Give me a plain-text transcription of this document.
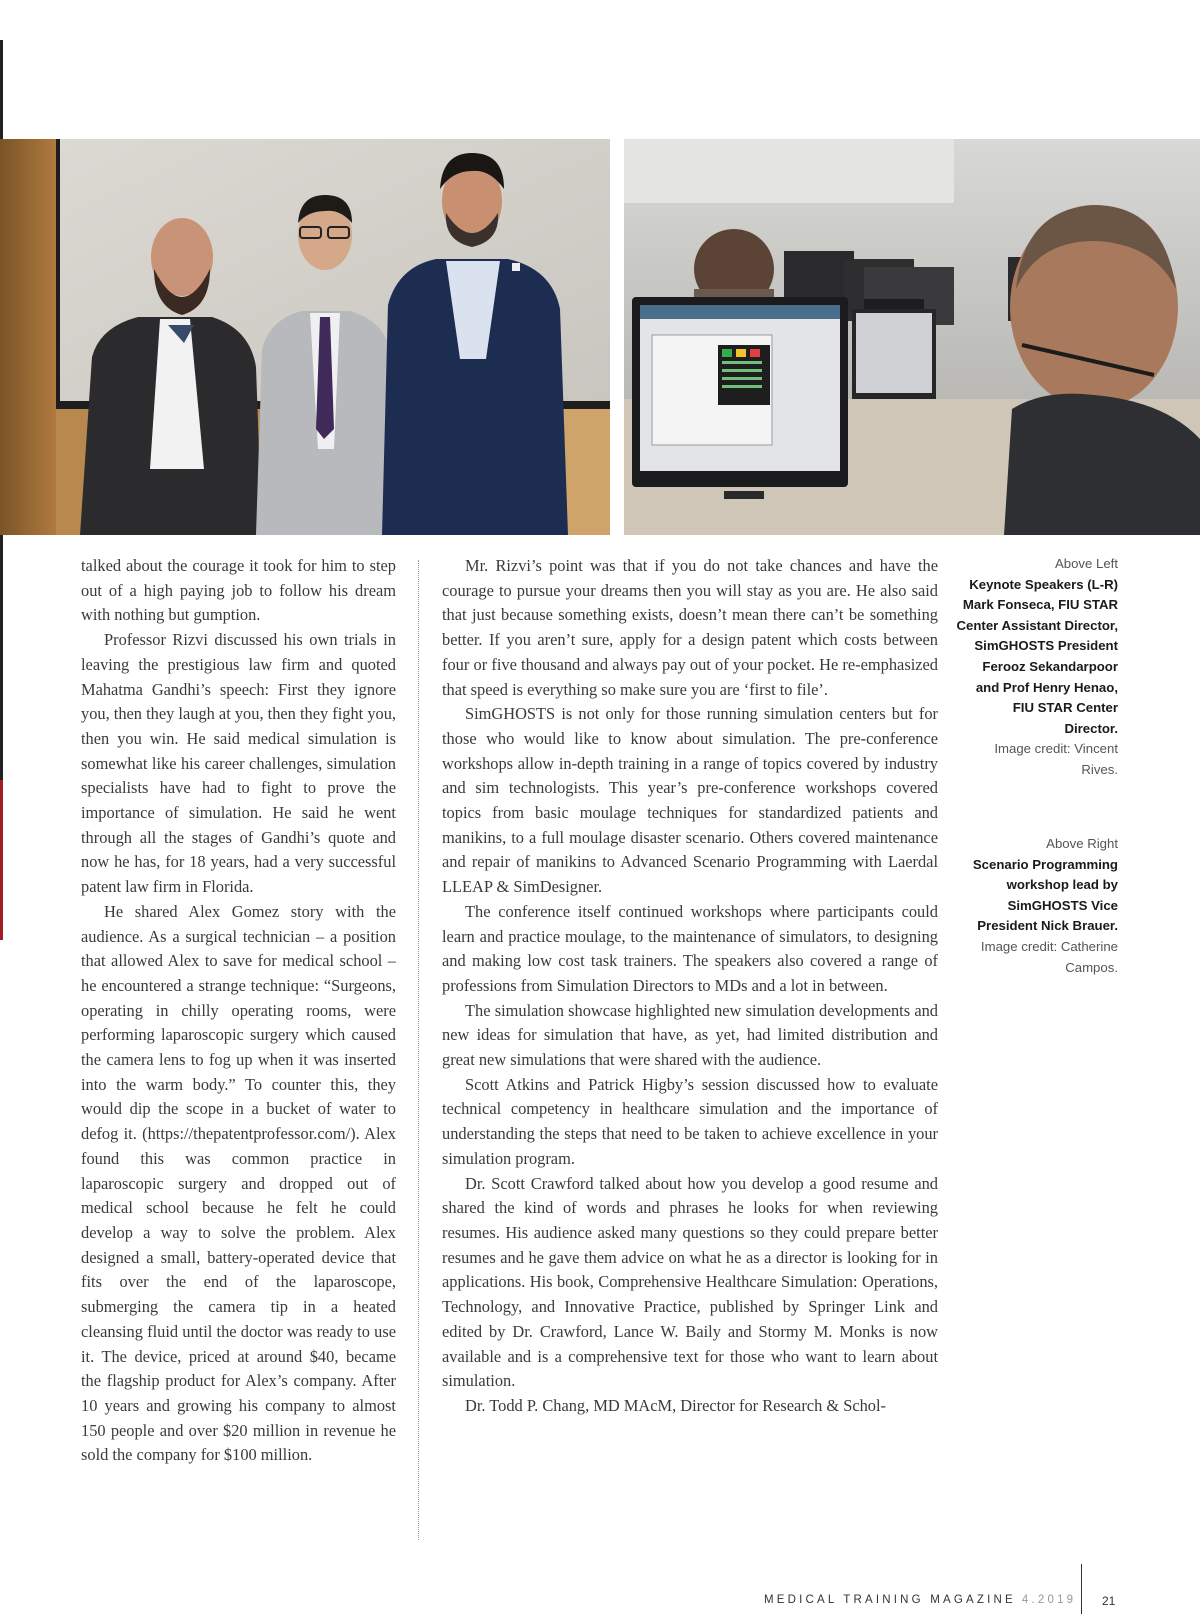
talked about the courage it took for him to step out of a high paying job to follow his dream with nothing but gumption.

Professor Rizvi discussed his own trials in leaving the prestigious law firm and quoted Mahatma Gandhi’s speech: First they ignore you, then they laugh at you, then they fight you, then you win. He said medical simulation is somewhat like his career challenges, simulation specialists have had to fight to prove the importance of simulation. He said he went through all the stages of Gandhi’s quote and now he has, for 18 years, had a very successful patent law firm in Florida.

He shared Alex Gomez story with the audience. As a surgical technician – a position that allowed Alex to save for medical school – he encountered a strange technique: “Surgeons, operating in chilly operating rooms, were performing laparoscopic surgery which caused the camera lens to fog up when it was inserted into the warm body.” To counter this, they would dip the scope in a bucket of water to defog it. (https://thepatentprofessor.com/). Alex found this was common practice in laparoscopic surgery and dropped out of medical school because he felt he could develop a way to solve the problem. Alex designed a small, battery-operated device that fits over the end of the laparoscope, submerging the camera tip in a heated cleansing fluid until the doctor was ready to use it. The device, priced at around $40, became the flagship product for Alex’s company. After 10 years and growing his company to almost 150 people and over $20 million in revenue he sold the company for $100 million.

Mr. Rizvi’s point was that if you do not take chances and have the courage to pursue your dreams then you will stay as you are. He also said that just because something exists, doesn’t mean there can’t be something better. If you aren’t sure, apply for a design patent which costs between four or five thousand and always pay out of your pocket. He re-emphasized that speed is everything so make sure you are ‘first to file’.

SimGHOSTS is not only for those running simulation centers but for those who would like to know about simulation. The pre-conference workshops allow in-depth training in a range of topics covered by industry and sim technologists. This year’s pre-conference workshops covered topics from basic moulage techniques for standardized patients and manikins, to a full moulage disaster scenario. Others covered maintenance and repair of manikins to Advanced Scenario Programming with Laerdal LLEAP & SimDesigner.

The conference itself continued workshops where participants could learn and practice moulage, to the maintenance of simulators, to designing and making low cost task trainers. The speakers also covered a range of professions from Simulation Directors to MDs and a lot in between.

The simulation showcase highlighted new simulation developments and new ideas for simulation that have, as yet, had limited distribution and great new simulations that were shared with the audience.

Scott Atkins and Patrick Higby’s session discussed how to evaluate technical competency in healthcare simulation and the importance of understanding the steps that need to be taken to achieve excellence in your simulation program.

Dr. Scott Crawford talked about how you develop a good resume and shared the kind of words and phrases he looks for when reviewing resumes. His audience asked many questions so they could prepare better resumes and he gave them advice on what he as a director is looking for in applications. His book, Comprehensive Healthcare Simulation: Operations, Technology, and Innovative Practice, published by Springer Link and edited by Dr. Crawford, Lance W. Baily and Stormy M. Monks is now available and is a comprehensive text for those who want to learn about simulation.

Dr. Todd P. Chang, MD MAcM, Director for Research & Schol-

Above Left
Keynote Speakers (L-R) Mark Fonseca, FIU STAR Center Assistant Director, SimGHOSTS President Ferooz Sekandarpoor and Prof Henry Henao, FIU STAR Center Director.
Image credit: Vincent Rives.
Above Right
Scenario Programming workshop lead by SimGHOSTS Vice President Nick Brauer.
Image credit: Catherine Campos.
MEDICAL TRAINING MAGAZINE 4.2019 21
